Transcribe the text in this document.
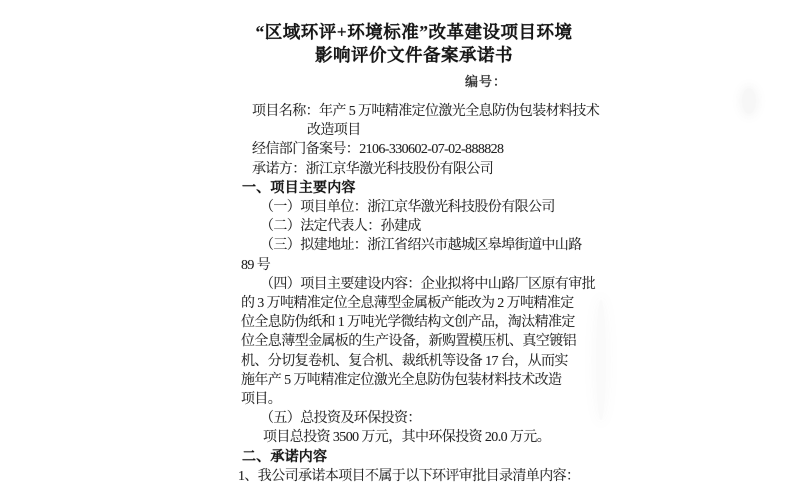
“区域环评+环境标准”改革建设项目环境
影响评价文件备案承诺书
编号：
项目名称：年产 5 万吨精准定位激光全息防伪包装材料技术
改造项目
经信部门备案号：2106-330602-07-02-888828
承诺方：浙江京华激光科技股份有限公司
一、项目主要内容
（一）项目单位：浙江京华激光科技股份有限公司
（二）法定代表人：孙建成
（三）拟建地址：浙江省绍兴市越城区皋埠街道中山路
89 号
（四）项目主要建设内容：企业拟将中山路厂区原有审批
的 3 万吨精准定位全息薄型金属板产能改为 2 万吨精准定
位全息防伪纸和 1 万吨光学微结构文创产品，淘汰精准定
位全息薄型金属板的生产设备，新购置模压机、真空镀铝
机、分切复卷机、复合机、裁纸机等设备 17 台，从而实
施年产 5 万吨精准定位激光全息防伪包装材料技术改造
项目。
（五）总投资及环保投资：
项目总投资 3500 万元，其中环保投资 20.0 万元。
二、承诺内容
1、我公司承诺本项目不属于以下环评审批目录清单内容：
